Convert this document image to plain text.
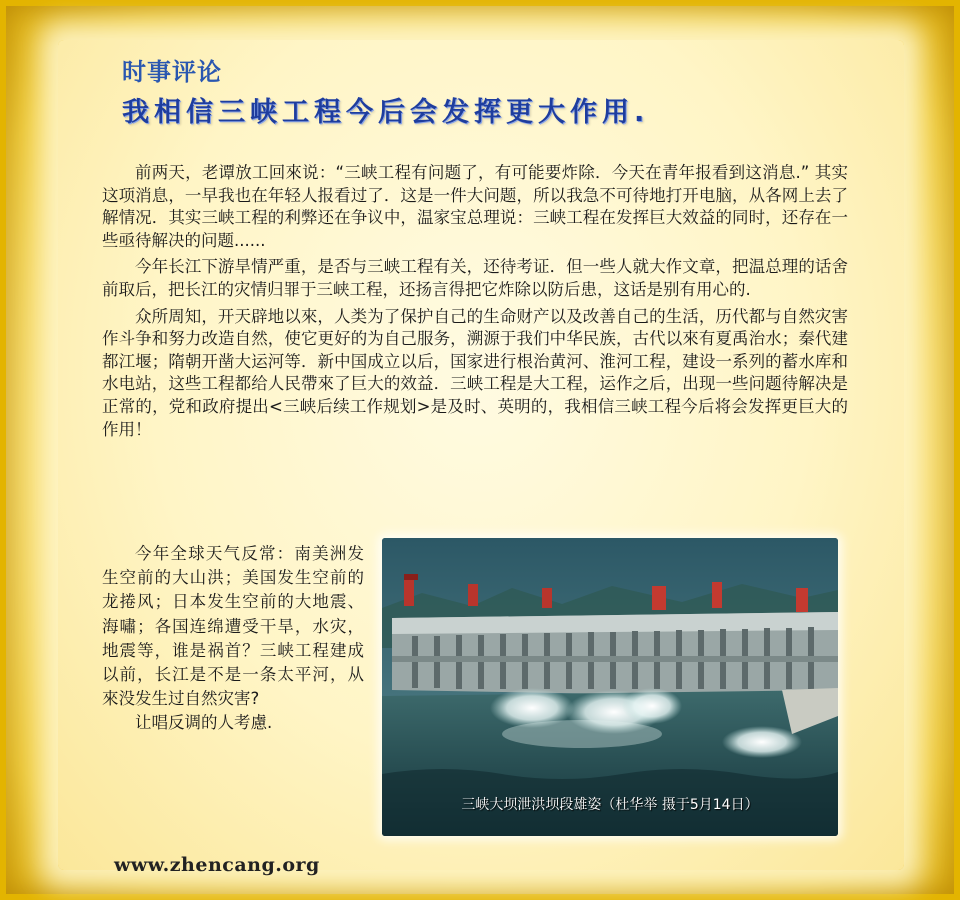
时事评论
我相信三峡工程今后会发挥更大作用.

前两天，老谭放工回來说：“三峡工程有问题了，有可能要炸除．今天在青年报看到这消息.” 其实这项消息，一早我也在年轻人报看过了．这是一件大问题，所以我急不可待地打开电脑，从各网上去了解情况．其实三峡工程的利弊还在争议中，温家宝总理说：三峡工程在发挥巨大效益的同时，还存在一些亟待解决的问题......

今年长江下游旱情严重，是否与三峡工程有关，还待考证．但一些人就大作文章，把温总理的话舍前取后，把长江的灾情归罪于三峡工程，还扬言得把它炸除以防后患，这话是别有用心的.

众所周知，开天辟地以來，人类为了保护自己的生命财产以及改善自己的生活，历代都与自然灾害作斗争和努力改造自然，使它更好的为自己服务，溯源于我们中华民族，古代以來有夏禹治水；秦代建都江堰；隋朝开凿大运河等．新中国成立以后，国家进行根治黄河、淮河工程，建设一系列的蓄水库和水电站，这些工程都给人民帶來了巨大的效益．三峡工程是大工程，运作之后，出现一些问题待解决是正常的，党和政府提出<三峡后续工作规划>是及时、英明的，我相信三峡工程今后将会发挥更巨大的作用！

今年全球天气反常：南美洲发生空前的大山洪；美国发生空前的龙捲风；日本发生空前的大地震、海嘯；各国连绵遭受干旱，水灾，地震等，谁是祸首？三峡工程建成以前，长江是不是一条太平河，从來没发生过自然灾害?

让唱反调的人考慮.

三峡大坝泄洪坝段雄姿（杜华举 摄于5月14日）

www.zhencang.org
